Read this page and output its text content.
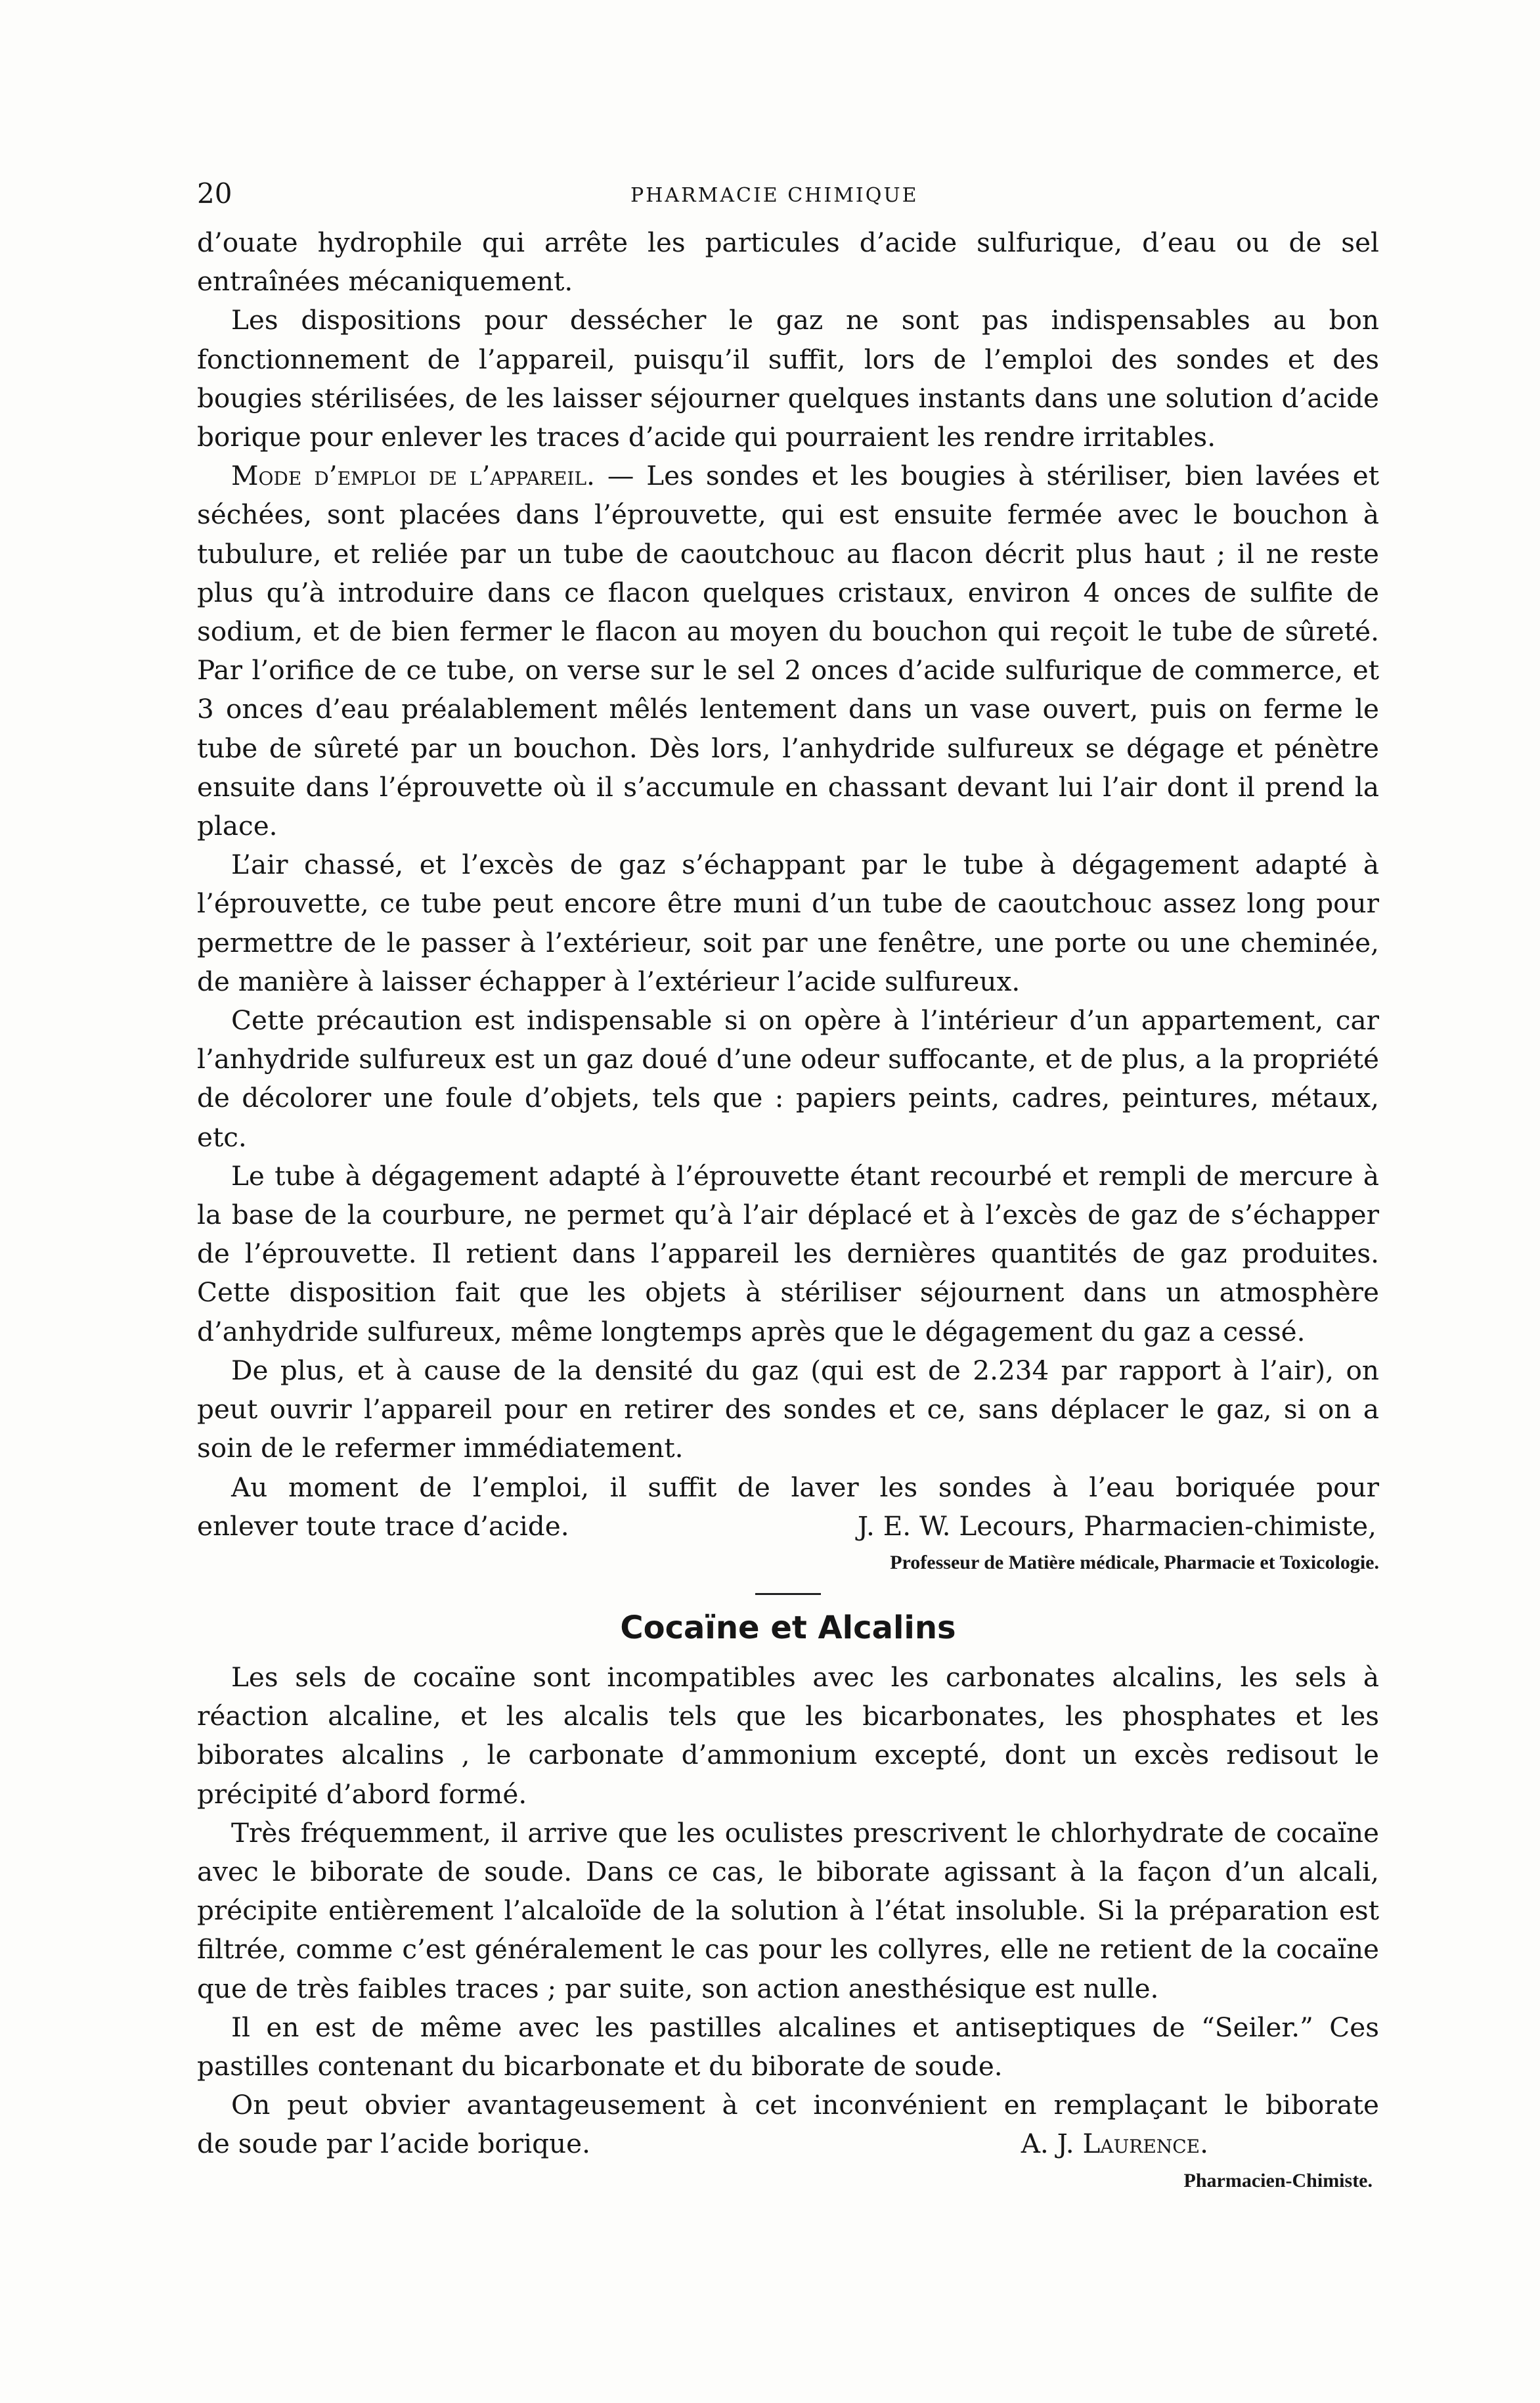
20	PHARMACIE CHIMIQUE

d’ouate hydrophile qui arrête les particules d’acide sulfurique, d’eau ou de sel entraînées mécaniquement.

Les dispositions pour dessécher le gaz ne sont pas indispensables au bon fonctionnement de l’appareil, puisqu’il suffit, lors de l’emploi des sondes et des bougies stérilisées, de les laisser séjourner quelques instants dans une solution d’acide borique pour enlever les traces d’acide qui pourraient les rendre irritables.

Mode d’emploi de l’appareil. — Les sondes et les bougies à stériliser, bien lavées et séchées, sont placées dans l’éprouvette, qui est ensuite fermée avec le bouchon à tubulure, et reliée par un tube de caoutchouc au flacon décrit plus haut ; il ne reste plus qu’à introduire dans ce flacon quelques cristaux, environ 4 onces de sulfite de sodium, et de bien fermer le flacon au moyen du bouchon qui reçoit le tube de sûreté. Par l’orifice de ce tube, on verse sur le sel 2 onces d’acide sulfurique de commerce, et 3 onces d’eau préalablement mêlés lentement dans un vase ouvert, puis on ferme le tube de sûreté par un bouchon. Dès lors, l’anhydride sulfureux se dégage et pénètre ensuite dans l’éprouvette où il s’accumule en chassant devant lui l’air dont il prend la place.

L’air chassé, et l’excès de gaz s’échappant par le tube à dégagement adapté à l’éprouvette, ce tube peut encore être muni d’un tube de caoutchouc assez long pour permettre de le passer à l’extérieur, soit par une fenêtre, une porte ou une cheminée, de manière à laisser échapper à l’extérieur l’acide sulfureux.

Cette précaution est indispensable si on opère à l’intérieur d’un appartement, car l’anhydride sulfureux est un gaz doué d’une odeur suffocante, et de plus, a la propriété de décolorer une foule d’objets, tels que : papiers peints, cadres, peintures, métaux, etc.

Le tube à dégagement adapté à l’éprouvette étant recourbé et rempli de mercure à la base de la courbure, ne permet qu’à l’air déplacé et à l’excès de gaz de s’échapper de l’éprouvette. Il retient dans l’appareil les dernières quantités de gaz produites. Cette disposition fait que les objets à stériliser séjournent dans un atmosphère d’anhydride sulfureux, même longtemps après que le dégagement du gaz a cessé.

De plus, et à cause de la densité du gaz (qui est de 2.234 par rapport à l’air), on peut ouvrir l’appareil pour en retirer des sondes et ce, sans déplacer le gaz, si on a soin de le refermer immédiatement.

Au moment de l’emploi, il suffit de laver les sondes à l’eau boriquée pour

enlever toute trace d’acide.	J. E. W. Lecours, Pharmacien-chimiste,

Professeur de Matière médicale, Pharmacie et Toxicologie.
Cocaïne et Alcalins

Les sels de cocaïne sont incompatibles avec les carbonates alcalins, les sels à réaction alcaline, et les alcalis tels que les bicarbonates, les phosphates et les biborates alcalins , le carbonate d’ammonium excepté, dont un excès redisout le précipité d’abord formé.

Très fréquemment, il arrive que les oculistes prescrivent le chlorhydrate de cocaïne avec le biborate de soude. Dans ce cas, le biborate agissant à la façon d’un alcali, précipite entièrement l’alcaloïde de la solution à l’état insoluble. Si la préparation est filtrée, comme c’est généralement le cas pour les collyres, elle ne retient de la cocaïne que de très faibles traces ; par suite, son action anesthésique est nulle.

Il en est de même avec les pastilles alcalines et antiseptiques de “Seiler.” Ces pastilles contenant du bicarbonate et du biborate de soude.

On peut obvier avantageusement à cet inconvénient en remplaçant le biborate

de soude par l’acide borique.	A. J. Laurence.

Pharmacien-Chimiste.
